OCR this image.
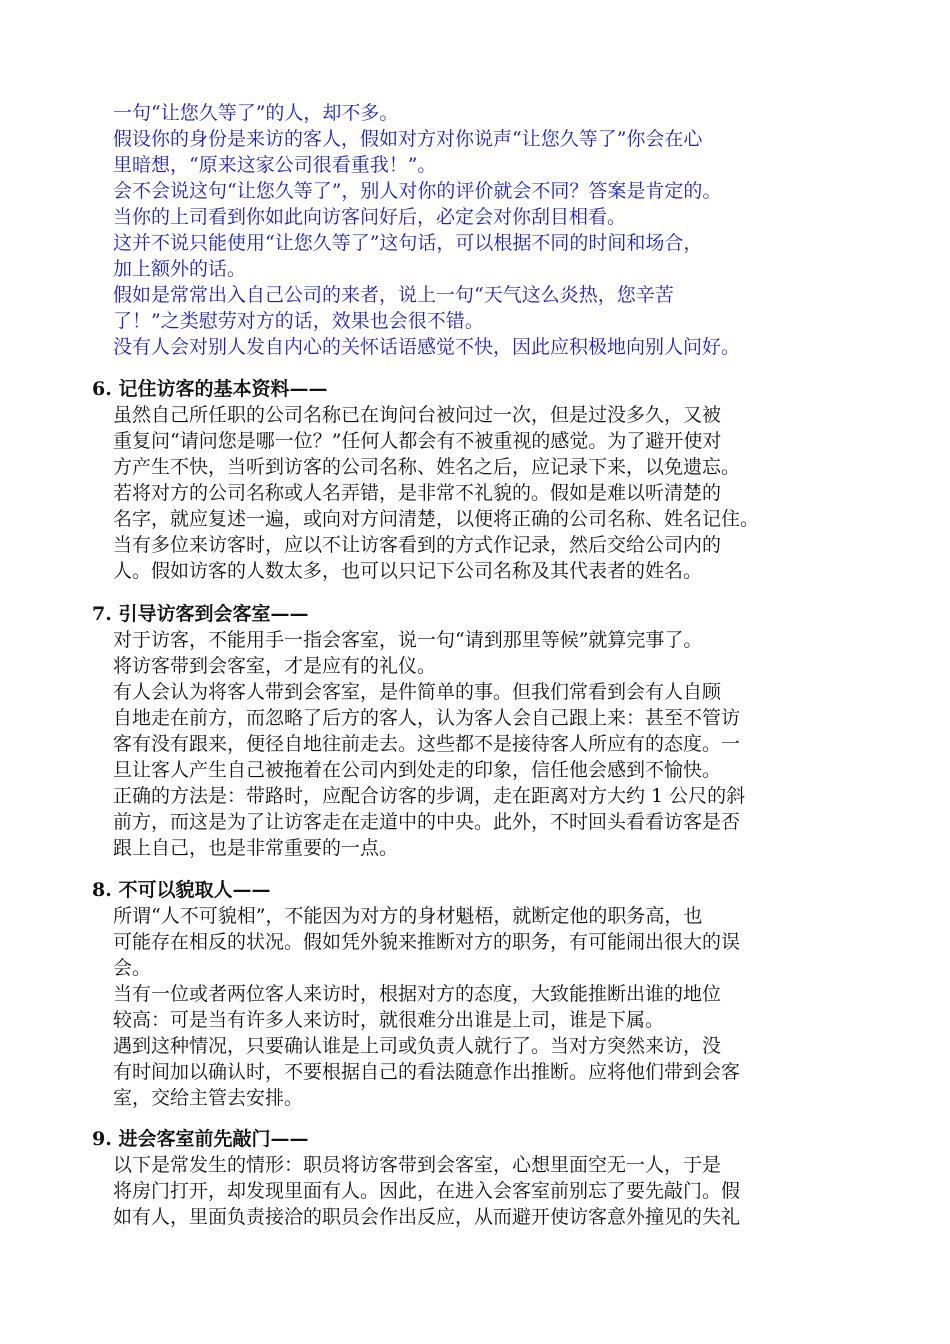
一句“让您久等了”的人，却不多。
假设你的身份是来访的客人，假如对方对你说声“让您久等了”你会在心
里暗想，“原来这家公司很看重我！”。
会不会说这句“让您久等了”，别人对你的评价就会不同？答案是肯定的。
当你的上司看到你如此向访客问好后，必定会对你刮目相看。
这并不说只能使用“让您久等了”这句话，可以根据不同的时间和场合，
加上额外的话。
假如是常常出入自己公司的来者，说上一句“天气这么炎热，您辛苦
了！”之类慰劳对方的话，效果也会很不错。
没有人会对别人发自内心的关怀话语感觉不快，因此应积极地向别人问好。
6. 记住访客的基本资料——
虽然自己所任职的公司名称已在询问台被问过一次，但是过没多久，又被
重复问“请问您是哪一位？”任何人都会有不被重视的感觉。为了避开使对
方产生不快，当听到访客的公司名称、姓名之后，应记录下来，以免遗忘。
若将对方的公司名称或人名弄错，是非常不礼貌的。假如是难以听清楚的
名字，就应复述一遍，或向对方问清楚，以便将正确的公司名称、姓名记住。
当有多位来访客时，应以不让访客看到的方式作记录，然后交给公司内的
人。假如访客的人数太多，也可以只记下公司名称及其代表者的姓名。
7. 引导访客到会客室——
对于访客，不能用手一指会客室，说一句“请到那里等候”就算完事了。
将访客带到会客室，才是应有的礼仪。
有人会认为将客人带到会客室，是件简单的事。但我们常看到会有人自顾
自地走在前方，而忽略了后方的客人，认为客人会自己跟上来：甚至不管访
客有没有跟来，便径自地往前走去。这些都不是接待客人所应有的态度。一
旦让客人产生自己被拖着在公司内到处走的印象，信任他会感到不愉快。
正确的方法是：带路时，应配合访客的步调，走在距离对方大约 1 公尺的斜
前方，而这是为了让访客走在走道中的中央。此外，不时回头看看访客是否
跟上自己，也是非常重要的一点。
8. 不可以貌取人——
所谓“人不可貌相”，不能因为对方的身材魁梧，就断定他的职务高，也
可能存在相反的状况。假如凭外貌来推断对方的职务，有可能闹出很大的误
会。
当有一位或者两位客人来访时，根据对方的态度，大致能推断出谁的地位
较高：可是当有许多人来访时，就很难分出谁是上司，谁是下属。
遇到这种情况，只要确认谁是上司或负责人就行了。当对方突然来访，没
有时间加以确认时，不要根据自己的看法随意作出推断。应将他们带到会客
室，交给主管去安排。
9. 进会客室前先敲门——
以下是常发生的情形：职员将访客带到会客室，心想里面空无一人，于是
将房门打开，却发现里面有人。因此，在进入会客室前别忘了要先敲门。假
如有人，里面负责接洽的职员会作出反应，从而避开使访客意外撞见的失礼
